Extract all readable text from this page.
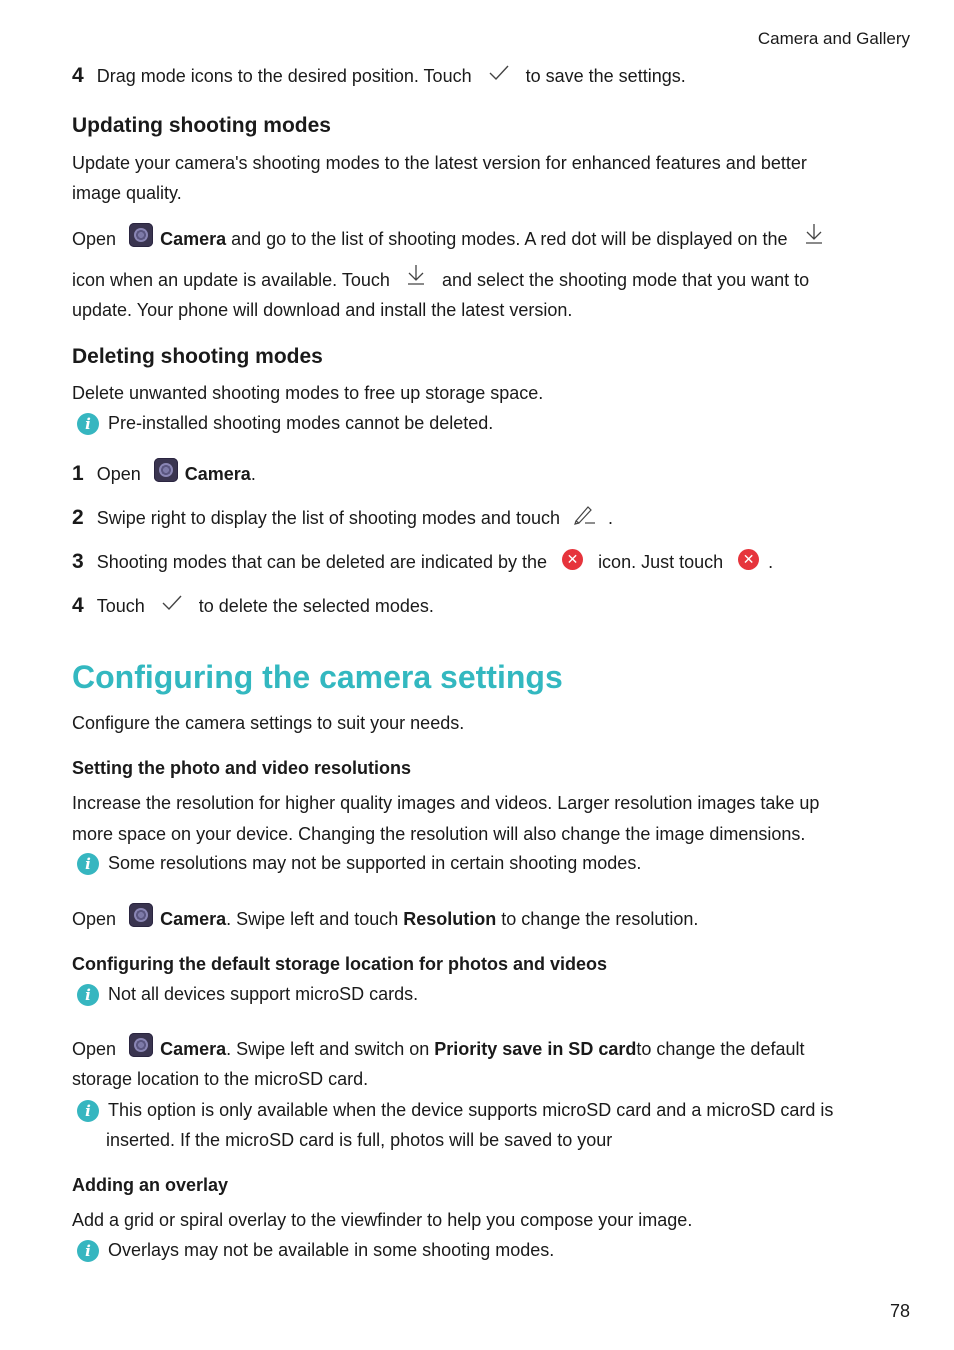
Camera and Gallery
4 Drag mode icons to the desired position. Touch	to save the settings.
Updating shooting modes
Update your camera's shooting modes to the latest version for enhanced features and better
image quality.
Open Camera and go to the list of shooting modes. A red dot will be displayed on the
icon when an update is available. Touch	and select the shooting mode that you want to
update. Your phone will download and install the latest version.
Deleting shooting modes
Delete unwanted shooting modes to free up storage space.
i Pre-installed shooting modes cannot be deleted.
1 Open Camera.
2 Swipe right to display the list of shooting modes and touch	.
3 Shooting modes that can be deleted are indicated by the ✕ icon. Just touch ✕ .
4 Touch	to delete the selected modes.
Configuring the camera settings
Configure the camera settings to suit your needs.
Setting the photo and video resolutions
Increase the resolution for higher quality images and videos. Larger resolution images take up
more space on your device. Changing the resolution will also change the image dimensions.
i Some resolutions may not be supported in certain shooting modes.
Open Camera. Swipe left and touch Resolution to change the resolution.
Configuring the default storage location for photos and videos
i Not all devices support microSD cards.
Open Camera. Swipe left and switch on Priority save in SD cardto change the default
storage location to the microSD card.
i This option is only available when the device supports microSD card and a microSD card is
inserted. If the microSD card is full, photos will be saved to your
Adding an overlay
Add a grid or spiral overlay to the viewfinder to help you compose your image.
i Overlays may not be available in some shooting modes.
78
